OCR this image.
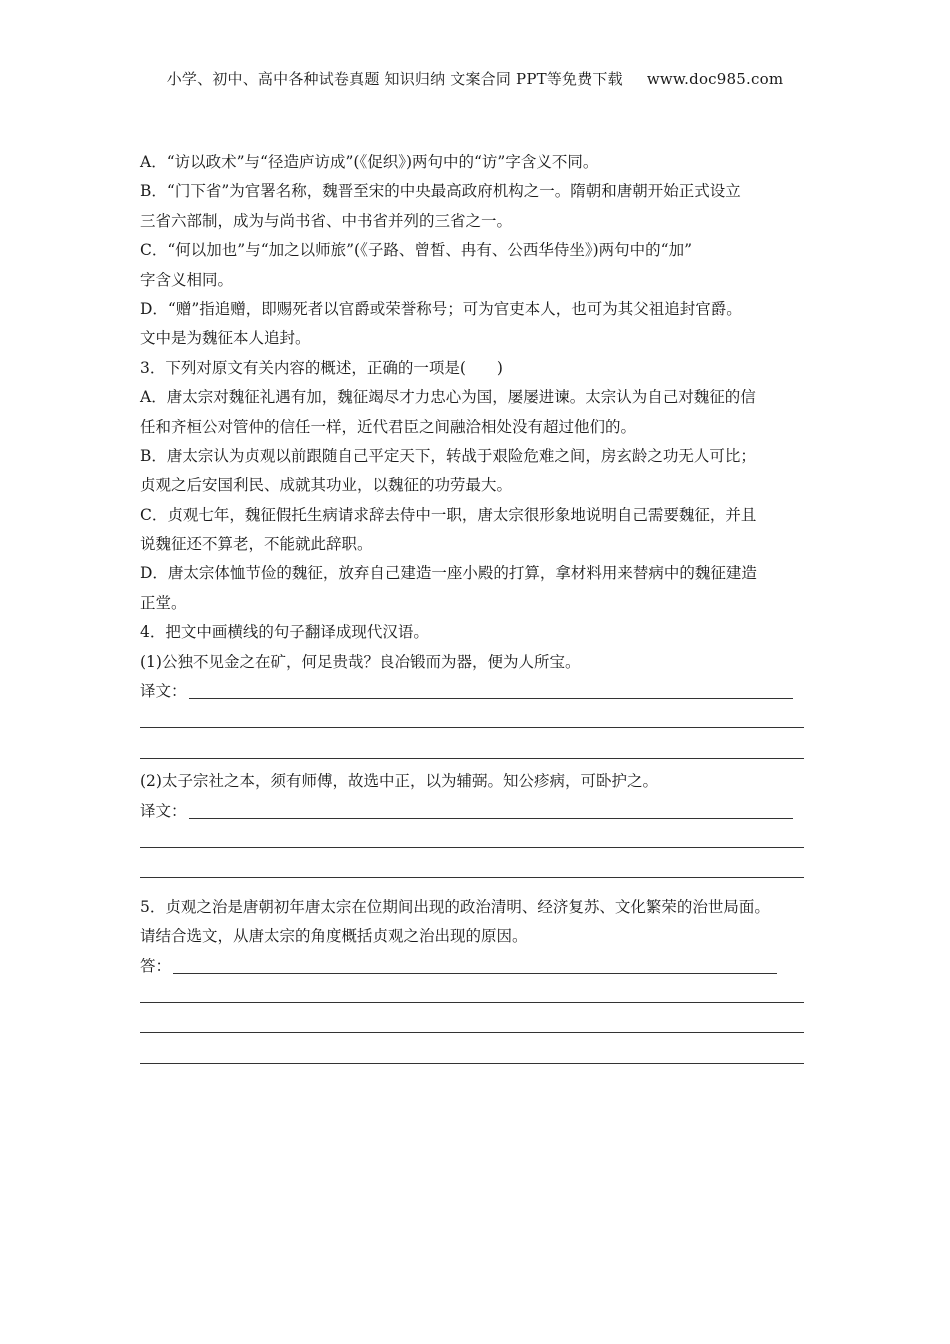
小学、初中、高中各种试卷真题 知识归纳 文案合同 PPT等免费下载 www.doc985.com
A．“访以政术”与“径造庐访成”(《促织》)两句中的“访”字含义不同。
B．“门下省”为官署名称，魏晋至宋的中央最高政府机构之一。隋朝和唐朝开始正式设立
三省六部制，成为与尚书省、中书省并列的三省之一。
C．“何以加也”与“加之以师旅”(《子路、曾皙、冉有、公西华侍坐》)两句中的“加”
字含义相同。
D．“赠”指追赠，即赐死者以官爵或荣誉称号；可为官吏本人，也可为其父祖追封官爵。
文中是为魏征本人追封。
3．下列对原文有关内容的概述，正确的一项是(　　)
A．唐太宗对魏征礼遇有加，魏征竭尽才力忠心为国，屡屡进谏。太宗认为自己对魏征的信
任和齐桓公对管仲的信任一样，近代君臣之间融洽相处没有超过他们的。
B．唐太宗认为贞观以前跟随自己平定天下，转战于艰险危难之间，房玄龄之功无人可比；
贞观之后安国利民、成就其功业，以魏征的功劳最大。
C．贞观七年，魏征假托生病请求辞去侍中一职，唐太宗很形象地说明自己需要魏征，并且
说魏征还不算老，不能就此辞职。
D．唐太宗体恤节俭的魏征，放弃自己建造一座小殿的打算，拿材料用来替病中的魏征建造
正堂。
4．把文中画横线的句子翻译成现代汉语。
(1)公独不见金之在矿，何足贵哉？良冶锻而为器，便为人所宝。
译文：
(2)太子宗社之本，须有师傅，故选中正，以为辅弼。知公疹病，可卧护之。
译文：
5．贞观之治是唐朝初年唐太宗在位期间出现的政治清明、经济复苏、文化繁荣的治世局面。
请结合选文，从唐太宗的角度概括贞观之治出现的原因。
答：
